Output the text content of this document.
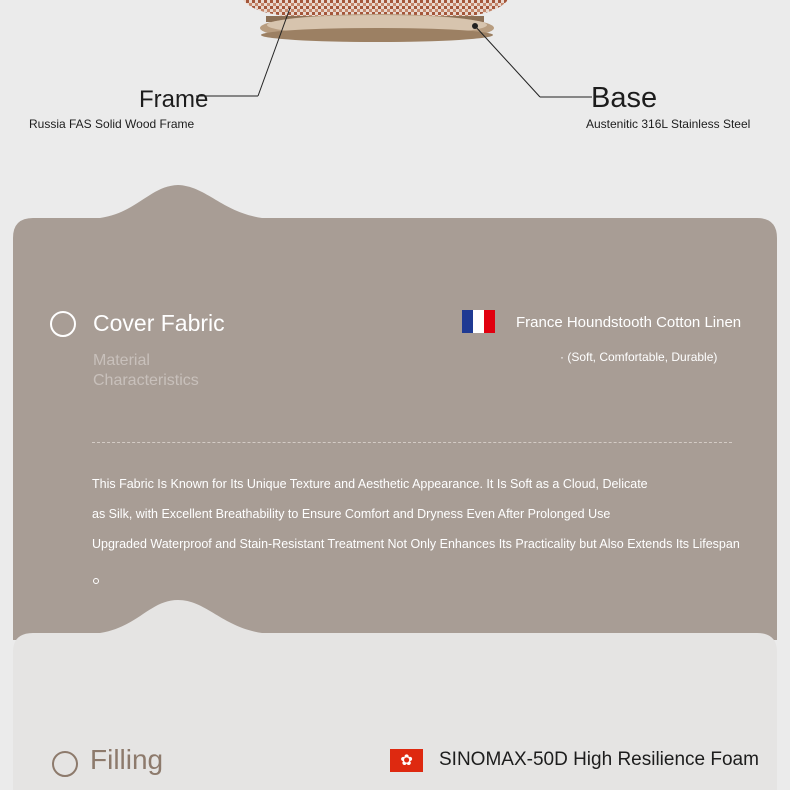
Frame
Russia FAS Solid Wood Frame
Base
Austenitic 316L Stainless Steel
Cover Fabric
Material Characteristics
France Houndstooth Cotton Linen
· (Soft, Comfortable, Durable)
This Fabric Is Known for Its Unique Texture and Aesthetic Appearance. It Is Soft as a Cloud, Delicate
as Silk, with Excellent Breathability to Ensure Comfort and Dryness Even After Prolonged Use
Upgraded Waterproof and Stain-Resistant Treatment Not Only Enhances Its Practicality but Also Extends Its Lifespan
Filling	✿ SINOMAX-50D High Resilience Foam
